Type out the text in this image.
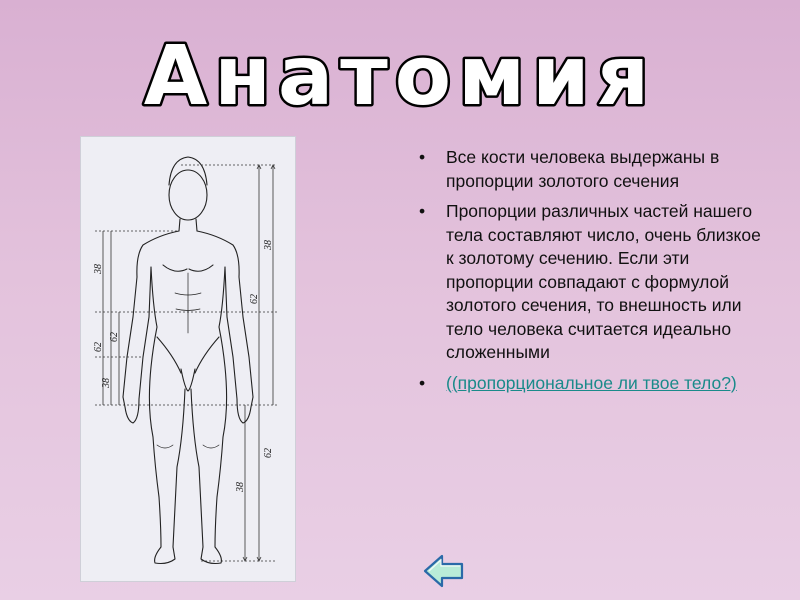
Анатомия
38
62
62
38
38
62
62
38
• Все кости человека выдержаны в пропорции золотого сечения
• Пропорции различных частей нашего тела составляют число, очень близкое к золотому сечению. Если эти пропорции совпадают с формулой золотого сечения, то внешность или тело человека считается идеально сложенными
• ((пропорциональное ли твое тело?)
